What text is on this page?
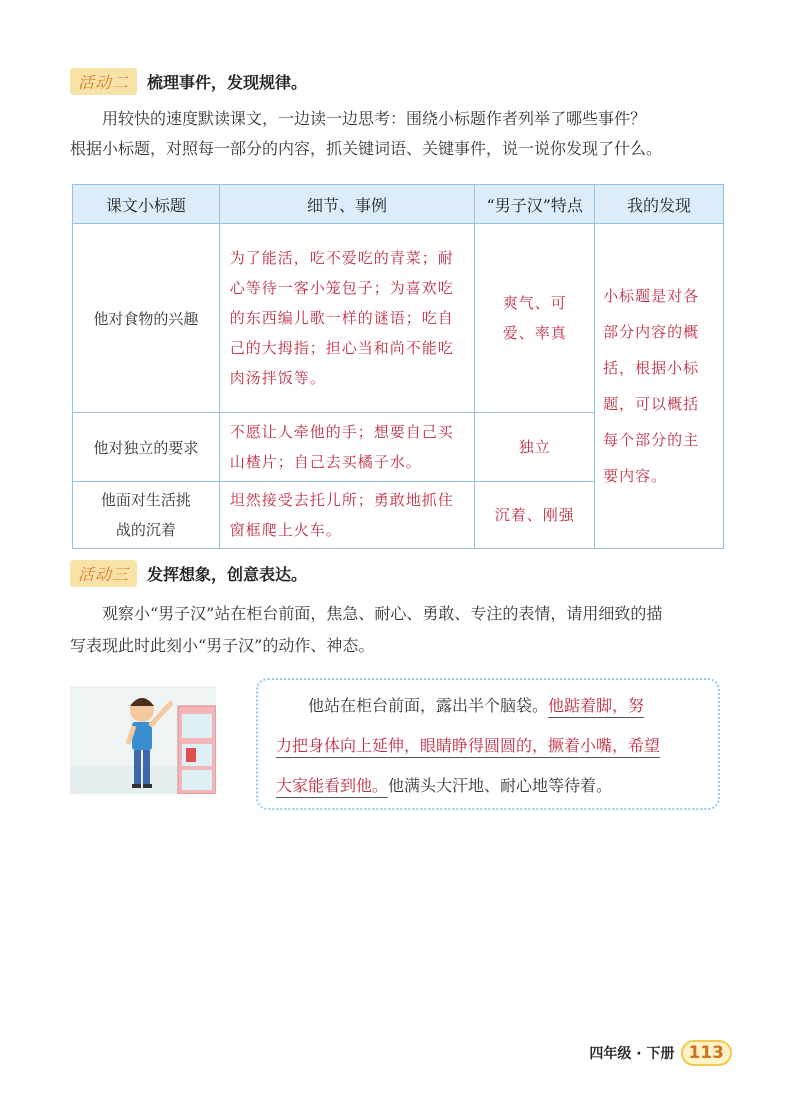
活动二 梳理事件，发现规律。
用较快的速度默读课文，一边读一边思考：围绕小标题作者列举了哪些事件？
根据小标题，对照每一部分的内容，抓关键词语、关键事件，说一说你发现了什么。
课文小标题	细节、事例	“男子汉”特点	我的发现
他对食物的兴趣	为了能活，吃不爱吃的青菜；耐心等待一客小笼包子；为喜欢吃的东西编儿歌一样的谜语；吃自己的大拇指；担心当和尚不能吃肉汤拌饭等。	爽气、可爱、率真	小标题是对各部分内容的概括，根据小标题，可以概括每个部分的主要内容。
他对独立的要求	不愿让人牵他的手；想要自己买山楂片；自己去买橘子水。	独立	
他面对生活挑战的沉着	坦然接受去托儿所；勇敢地抓住窗框爬上火车。	沉着、刚强	
活动三 发挥想象，创意表达。
观察小“男子汉”站在柜台前面，焦急、耐心、勇敢、专注的表情，请用细致的描
写表现此时此刻小“男子汉”的动作、神态。

他站在柜台前面，露出半个脑袋。他踮着脚，努

力把身体向上延伸，眼睛睁得圆圆的，撅着小嘴，希望

大家能看到他。他满头大汗地、耐心地等待着。

四年级 · 下册 113
